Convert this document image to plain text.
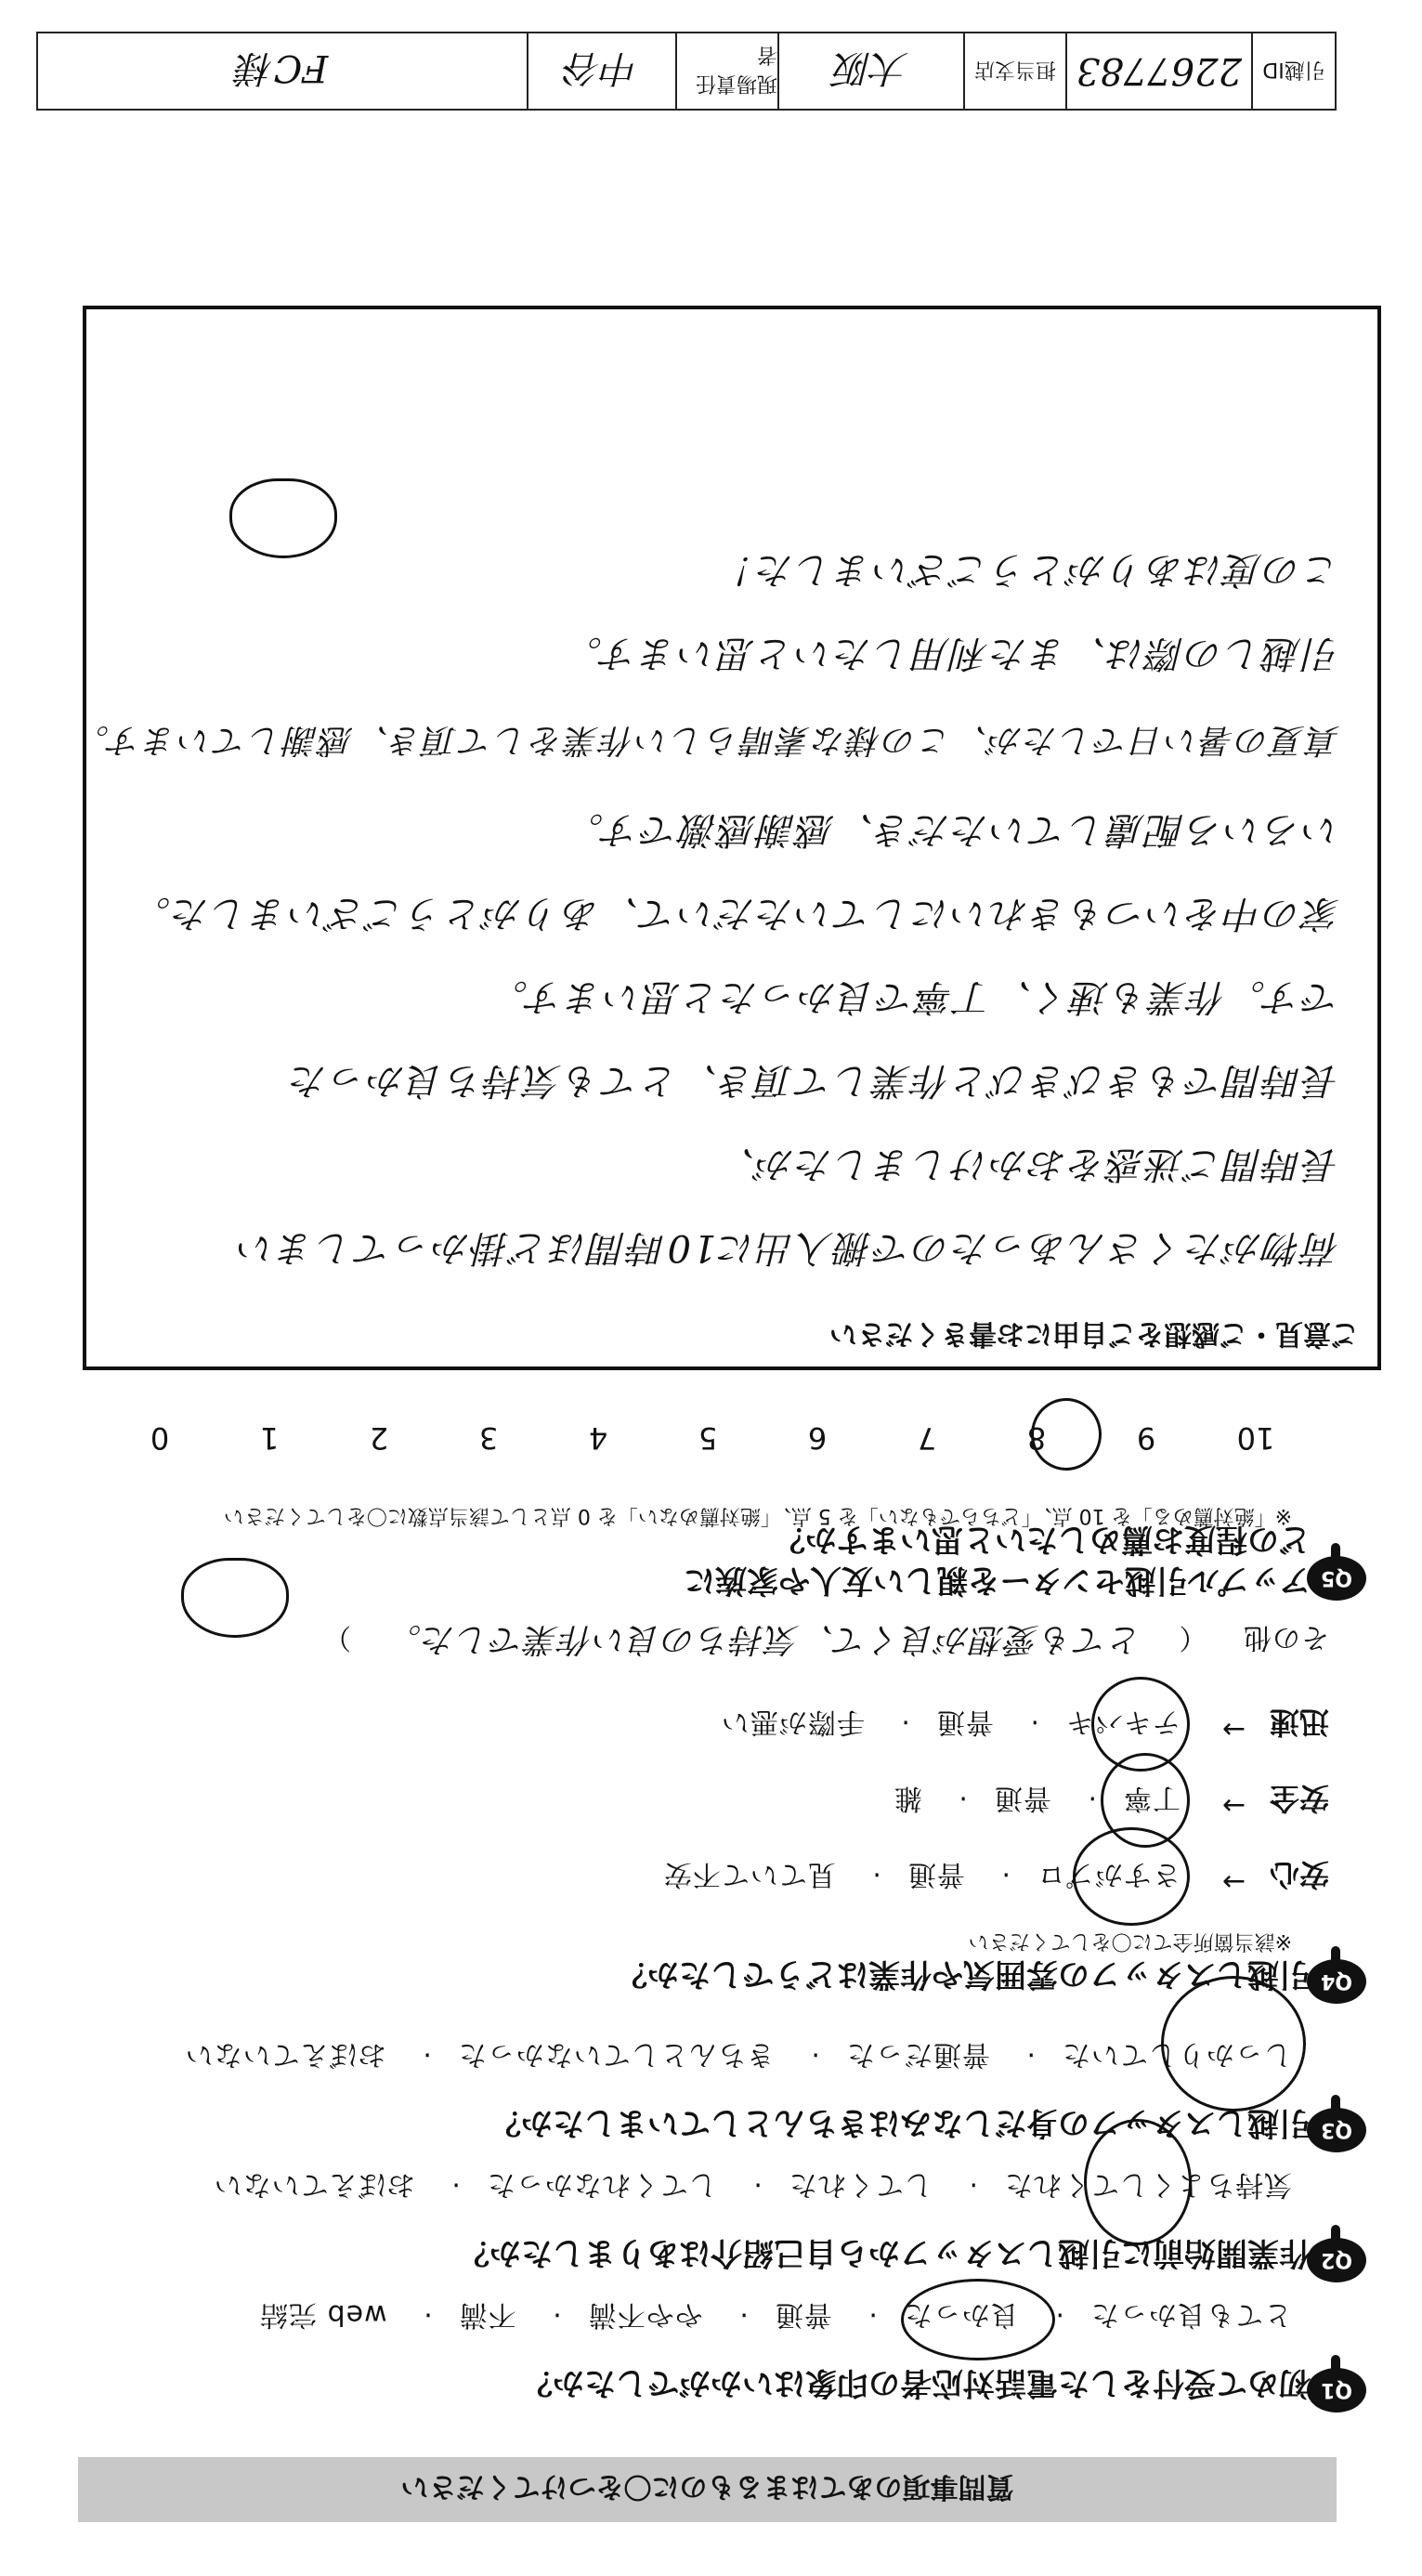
引越ID
2267783
担当支店
大阪
現場責任者
中谷
FC様
質問事項のあてはまるものに〇をつけてください
Q1
初めて受付をした電話対応者の印象はいかがでしたか？
とても良かった· 良かった· 普通· やや不満· 不満· web 完結
Q2
作業開始前に引越しスタッフから自己紹介はありましたか？
気持ちよくしてくれた· してくれた· してくれなかった· おぼえていない
Q3
引越しスタッフの身だしなみはきちんとしていましたか？
しっかりしていた· 普通だった· きちんとしていなかった· おぼえていない
Q4
引越しスタッフの雰囲気や作業はどうでしたか？
※該当箇所全てに〇をしてください
安心
→
さすがプロ· 普通· 見ていて不安
安全
→
丁寧· 普通· 雑
迅速
→
テキパキ· 普通· 手際が悪い
その他 （ とても愛想が良くて、気持ちの良い作業でした。 ）
Q5
アップル引越センターを親しい友人や家族に
どの程度お薦めしたいと思いますか？
※「絶対薦める」を 10 点、「どちらでもない」を 5 点、「絶対薦めない」を 0 点として該当点数に〇をしてください
109876543210
ご意見・ご感想をご自由にお書きください
荷物がたくさんあったので搬入出に10時間ほど掛かってしまい
長時間ご迷惑をおかけしましたが、
長時間でもきびきびと作業して頂き、とても気持ち良かった
です。作業も速く、丁寧で良かったと思います。
家の中をいつもきれいにしていただいて、ありがとうございました。
いろいろ配慮していただき、感謝感激です。
真夏の暑い日でしたが、この様な素晴らしい作業をして頂き、感謝しています。
引越しの際は、また利用したいと思います。
この度はありがとうございました！
